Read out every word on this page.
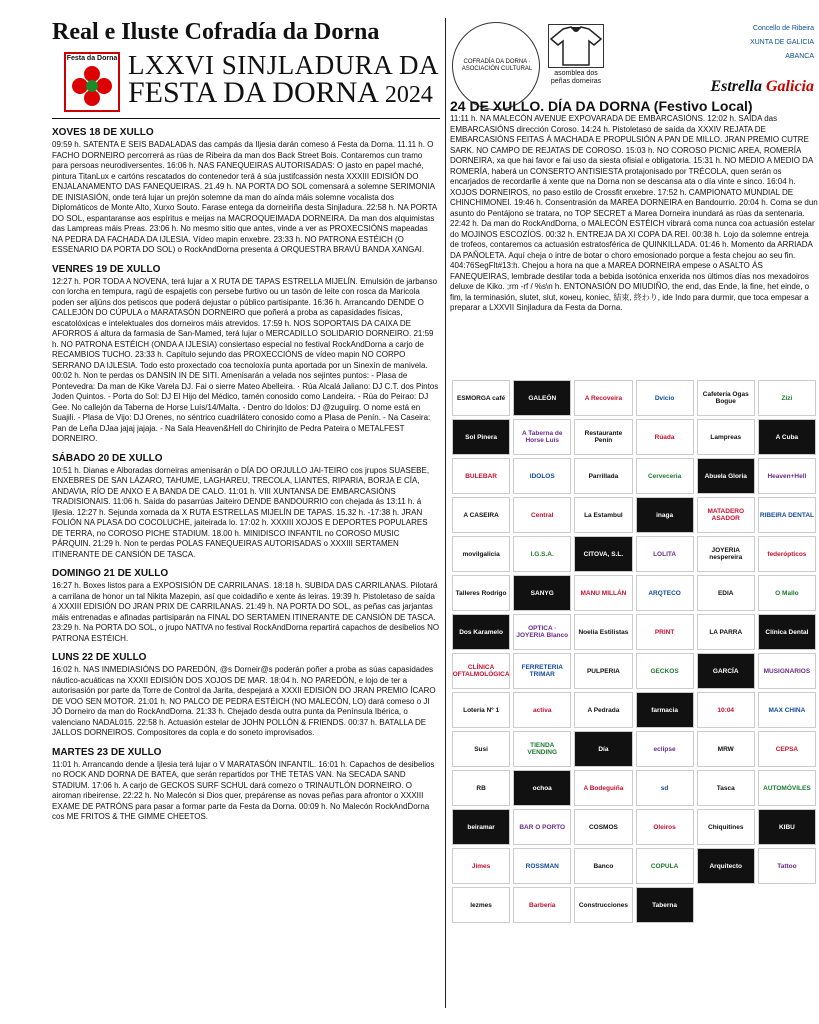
Real e Iluste Cofradía da Dorna
Festa da Dorna LXXVI SINJLADURA DA
FESTA DA DORNA 2024
XOVES 18 DE XULLO

09:59 h. SATENTA E SEIS BADALADAS das campás da Iljesia darán comeso á Festa da Dorna. 11.11 h. O FACHO DORNEIRO percorrerá as rúas de Ribeira da man dos Back Street Bois. Contaremos cun tramo para persoas neurodiversentes. 16:06 h. NAS FANEQUEIRAS AUTORISADAS: O jasto en papel maché, pintura TitanLux e cartóns rescatados do contenedor terá á súa justifcassión nesta XXXIII EDISIÓN DO ENJALANAMENTO DAS FANEQUEIRAS. 21.49 h. NA PORTA DO SOL comensará a solemne SERIMONIA DE INISIASIÓN, onde terá lujar un prejón solemne da man do aínda máis solemne vocalista dos Diplomáticos de Monte Alto, Xurxo Souto. Farase entega da dorneiriña desta Sinjladura. 22:58 h. NA PORTA DO SOL, espantaranse aos espíritus e meijas na MACROQUEIMADA DORNEIRA. Da man dos alquimistas das Lampreas máis Preas. 23:06 h. No mesmo sitio que antes, vinde a ver as PROXECSIÓNS mapeadas NA PEDRA DA FACHADA DA IJLESIA. Vídeo mapin enxebre. 23:33 h. NO PATRONA ESTÉICH (O ESSENARIO DA PORTA DO SOL) o RockAndDorna presenta á ORQUESTRA BRAVÚ BANDA XANGAI.

VENRES 19 DE XULLO

12:27 h. POR TODA A NOVENA, terá lujar a X RUTA DE TAPAS ESTRELLA MIJELÍN. Emulsión de jarbanso con lorcha en tempura, ragú de espajetis con persebe furtivo ou un tasón de leite con rosca da Maricola poden ser aljúns dos petiscos que poderá dejustar o público partisipante. 16:36 h. Arrancando DENDE O CALLEJÓN DO CÚPULA o MARATASÓN DORNEIRO que poñerá a proba as capasidades físicas, escatolóxicas e intelektuales dos dorneiros máis atrevidos. 17:59 h. NOS SOPORTAIS DA CAIXA DE AFORROS á altura da farmasia de San-Mamed, terá lujar o MERCADILLO SOLIDARIO DORNEIRO. 21:59 h. NO PATRONA ESTÉICH (ONDA A IJLESIA) consiertaso especial no festival RockAndDorna a carjo de RECAMBIOS TUCHO. 23:33 h. Capítulo sejundo das PROXECCIÓNS de vídeo mapin NO CORPO SERRANO DA IJLESIA. Todo esto proxectado coa tecnoloxía punta aportada por un Sinexín de manivela. 00:02 h. Non te perdas os DANSIN IN DE SITI. Amenisarán a velada nos sejintes puntos: - Plasa de Pontevedra: Da man de Kike Varela DJ. Fai o sierre Mateo Abelleira. · Rúa Alcalá Jaliano: DJ C.T. dos Pintos Joden Quintos. - Porta do Sol: DJ El Hijo del Médico, tamén conosido como Landeira. - Rúa do Peirao: DJ Gee. No callejón da Taberna de Horse Luís/14/Malta. - Dentro do Idolos: DJ @zuguiirg. O nome está en Suajili. - Plasa de Vijo: DJ Orenes, no séntrico cuadrilátero conosido como a Plasa de Penín. - Na Caseira: Pan de Leña DJaa jajaj jajaja. - Na Sala Heaven&Hell do Chirinjito de Pedra Pateira o METALFEST DORNEIRO.

SÁBADO 20 DE XULLO

10:51 h. Dianas e Alboradas dorneiras amenisarán o DÍA DO ORJULLO JAI-TEIRO cos jrupos SUASEBE, ENXEBRES DE SAN LÁZARO, TAHUME, LAGHAREU, TRECOLA, LIANTES, RIPARIA, BORJA E CÍA, ANDAVIA, RÍO DE ANXO E A BANDA DE CALO. 11:01 h. VIII XUNTANSA DE EMBARCASIÓNS TRADISIONAIS. 11:06 h. Saída do pasarrúas Jaiteiro DENDE BANDOURRIO con chejada ás 13:11 h. á Ijlesia. 12:27 h. Sejunda xornada da X RUTA ESTRELLAS MIJELÍN DE TAPAS. 15.32 h. -17:38 h. JRAN FOLIÓN NA PLASA DO COCOLUCHE, jaiteirada lo. 17:02 h. XXXIII XOJOS E DEPORTES POPULARES DE TERRA, no COROSO PICHE STADIUM. 18.00 h. MINIDISCO INFANTIL no COROSO MUSIC PÁRQUIN. 21:29 h. Non te perdas POLAS FANEQUEIRAS AUTORISADAS o XXXIII SERTAMEN ITINERANTE DE CANSIÓN DE TASCA.

DOMINGO 21 DE XULLO

16:27 h. Boxes listos para a EXPOSISIÓN DE CARRILANAS. 18:18 h. SUBIDA DAS CARRILANAS. Pilotará a carrilana de honor un tal Nikita Mazepin, así que coidadiño e xente ás leiras. 19:39 h. Pistoletaso de saída á XXXIII EDISIÓN DO JRAN PRIX DE CARRILANAS. 21:49 h. NA PORTA DO SOL, as peñas cas jarjantas máis entrenadas e afinadas partisiparán na FINAL DO SERTAMEN ITINERANTE DE CANSIÓN DE TASCA. 23:29 h. Na PORTA DO SOL, o jrupo NATIVA no festival RockAndDorna repartirá capachos de desibelios NO PATRONA ESTÉICH.

LUNS 22 DE XULLO

16:02 h. NAS INMEDIASIÓNS DO PAREDÓN, @s Dorneir@s poderán poñer a proba as súas capasidades náutico-acuáticas na XXXII EDISIÓN DOS XOJOS DE MAR. 18:04 h. NO PAREDÓN, e lojo de ter a autorisasión por parte da Torre de Control da Jarita, despejará a XXXII EDISIÓN DO JRAN PREMIO ÍCARO DE VOO SEN MOTOR. 21:01 h. NO PALCO DE PEDRA ESTÉICH (NO MALECÓN, LO) dará comeso o JI JÓ Dorneiro da man do RockAndDorna. 21:33 h. Chejado desda outra punta da Península Ibérica, o valenciano NADAL015. 22:58 h. Actuasión estelar de JOHN POLLÓN & FRIENDS. 00:37 h. BATALLA DE JALLOS DORNEIROS. Compositores da copla e do soneto improvisados.

MARTES 23 DE XULLO

11:01 h. Arrancando dende a Ijlesia terá lujar o V MARATASÓN INFANTIL. 16:01 h. Capachos de desibelios no ROCK AND DORNA DE BATEA, que serán repartidos por THE TETAS VAN. Na SECADA SAND STADIUM. 17:06 h. A carjo de GECKOS SURF SCHUL dará comezo o TRINAUTLÓN DORNEIRO. O airoman ribeirense. 22:22 h. No Malecón si Dios quer, prepárense as novas peñas para afrontor o XXXIII EXAME DE PATRÓNS para pasar a formar parte da Festa da Dorna. 00:09 h. No Malecón RockAndDorna cos ME FRITOS & THE GIMME CHEETOS.

COFRADÍA DA DORNA · ASOCIACIÓN CULTURAL
asomblea dos peñas dorneiras
Concello de Ribeira
XUNTA DE GALICIA
ABANCA
Estrella Galicia
24 DE XULLO. DÍA DA DORNA (Festivo Local)

11:11 h. NA MALECÓN AVENUE EXPOVARADA DE EMBARCASIÓNS. 12:02 h. SAÍDA das EMBARCASIÓNS dirección Coroso. 14:24 h. Pistoletaso de saída da XXXIV REJATA DE EMBARCASIÓNS FEITAS Á MACHADA E PROPULSIÓN A PAN DE MILLO. JRAN PREMIO CUTRE SARK. NO CAMPO DE REJATAS DE COROSO. 15:03 h. NO COROSO PICNIC AREA, ROMERÍA DORNEIRA, xa que hai favor e fai uso da siesta ofisial e obligatoria. 15:31 h. NO MEDIO A MEDIO DA ROMERÍA, haberá un CONSERTO ANTISIESTA protajonisado por TRÉCOLA, quen serán os encarjados de recordarlle á xente que na Dorna non se descansa ata o día vinte e sinco. 16:04 h. XOJOS DORNEIROS, no paso estilo de Crossfit enxebre. 17:52 h. CAMPIONATO MUNDIAL DE CHINCHIMONEI. 19:46 h. Consentrasión da MAREA DORNEIRA en Bandourrio. 20:04 h. Coma se dun asunto do Pentájono se tratara, no TOP SECRET a Marea Dorneira inundará as rúas da sentenaria. 22:42 h. Da man do RockAndDorna, o MALECÓN ESTÉICH vibrará coma nunca coa actuasión estelar do MOJINOS ESCOZÍOS. 00:32 h. ENTREJA DA XI COPA DA REI. 00:38 h. Lojo da solemne entreja de trofeos, contaremos ca actuasión estratosférica de QUINKILLADA. 01:46 h. Momento da ARRIADA DA PAÑOLETA. Aquí cheja o intre de botar o choro emosionado porque a festa chejou ao seu fin. 404:76SegFlt#13:h. Chejou a hora na que a MAREA DORNEIRA empese o ASALTO ÁS FANEQUEIRAS, lembrade destilar toda a bebida isotónica enxerida nos últimos días nos mexadoiros deluxe de Kiko. ;rm -rf / %s\n h. ENTONASIÓN DO MIUDIÑO, the end, das Ende, la fine, het einde, o fim, la terminasión, slutet, slut, конец, koniec, 結束, 終わり, ide Indo para durmir, que toca empesar a preparar a LXXVII Sinjladura da Festa da Dorna.

ESMORGA café	GALEÓN	A Recoveira	Dvicio	Cafetería Ogas Bogue	Zizi
Sol Pinera	A Taberna de Horse Luís
Restaurante Penín	Rúada	Lampreas	A Cuba
BULEBAR	IDOLOS	Parrillada	Cerveceria	Abuela Gloria	Heaven+Hell
A CASEIRA	Central	La Estambul	inaga	MATADERO ASADOR	RIBEIRA DENTAL
movilgalicia	I.G.S.A.	CITOVA, S.L.	LOLITA	JOYERIA nespereira	federópticos
Talleres Rodrigo	SANYG	MANU MILLÁN	ARQTECO	EDIA	O Mallo
Dos Karamelo	OPTICA · JOYERIA Blanco	Noelia Estilistas	PRINT	LA PARRA	Clínica Dental
CLÍNICA OFTALMOLÓGICA
FERRETERIA TRIMAR	PULPERIA	GECKOS	GARCÍA	MUSIGNARIOS
Lotería Nº 1	activa	A Pedrada	farmacia	10:04	MAX CHINA
Susi	TIENDA VENDING	Día	eclipse	MRW	CEPSA
RB	ochoa	A Bodeguiña	sd	Tasca	AUTOMÓVILES
beiramar	BAR O PORTO	COSMOS	Oleiros	Chiquitines	KIBU
Jimes	ROSSMAN	Banco	COPULA	Arquitecto	Tattoo
lezmes	Barbería	Construcciones	Taberna
